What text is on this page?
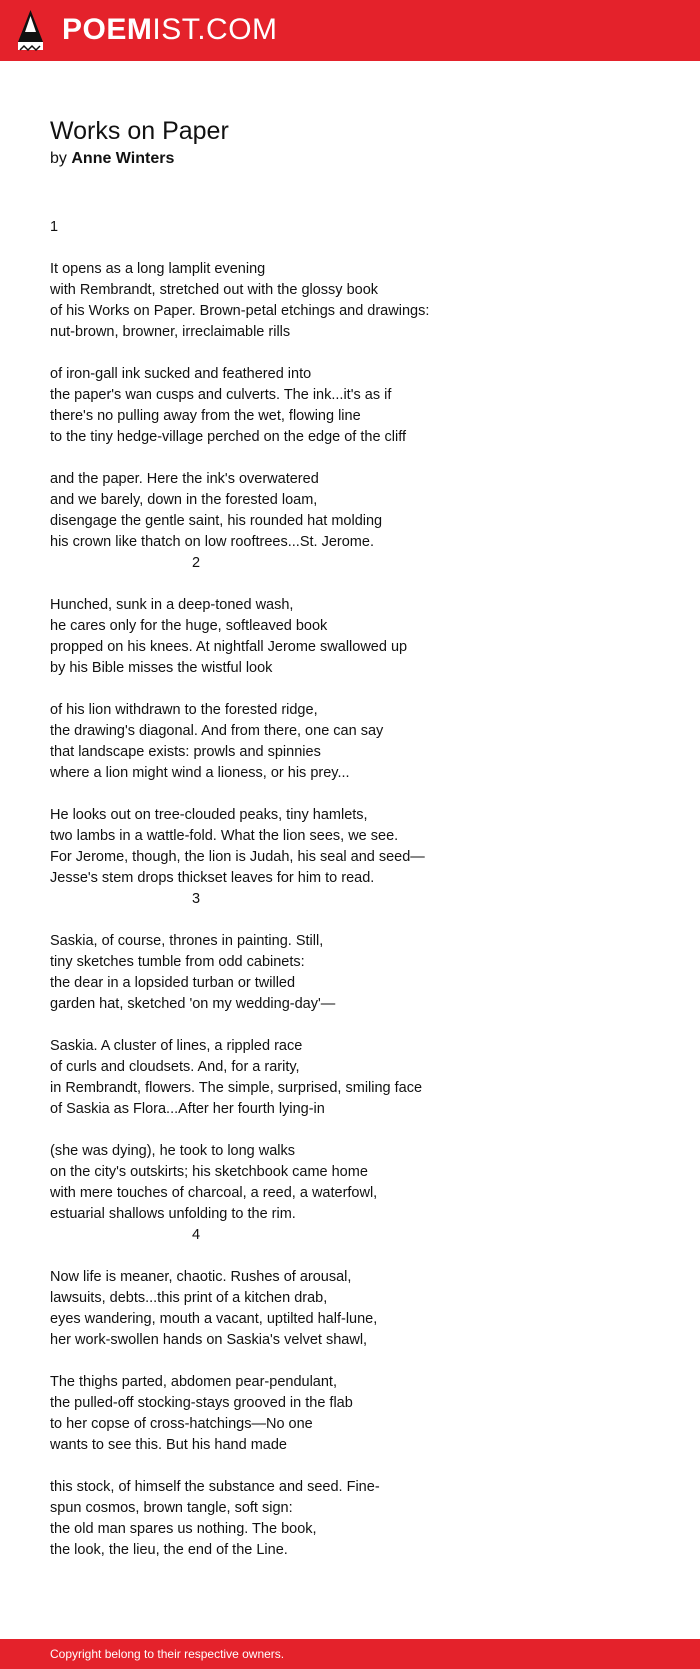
POEMIST.COM
Works on Paper
by Anne Winters
1
It opens as a long lamplit evening
with Rembrandt, stretched out with the glossy book
of his Works on Paper. Brown-petal etchings and drawings:
nut-brown, browner, irreclaimable rills
of iron-gall ink sucked and feathered into
the paper's wan cusps and culverts. The ink...it's as if
there's no pulling away from the wet, flowing line
to the tiny hedge-village perched on the edge of the cliff
and the paper. Here the ink's overwatered
and we barely, down in the forested loam,
disengage the gentle saint, his rounded hat molding
his crown like thatch on low rooftrees...St. Jerome.
2
Hunched, sunk in a deep-toned wash,
he cares only for the huge, softleaved book
propped on his knees. At nightfall Jerome swallowed up
by his Bible misses the wistful look
of his lion withdrawn to the forested ridge,
the drawing's diagonal. And from there, one can say
that landscape exists: prowls and spinnies
where a lion might wind a lioness, or his prey...
He looks out on tree-clouded peaks, tiny hamlets,
two lambs in a wattle-fold. What the lion sees, we see.
For Jerome, though, the lion is Judah, his seal and seed—
Jesse's stem drops thickset leaves for him to read.
3
Saskia, of course, thrones in painting. Still,
tiny sketches tumble from odd cabinets:
the dear in a lopsided turban or twilled
garden hat, sketched 'on my wedding-day'—
Saskia. A cluster of lines, a rippled race
of curls and cloudsets. And, for a rarity,
in Rembrandt, flowers. The simple, surprised, smiling face
of Saskia as Flora...After her fourth lying-in
(she was dying), he took to long walks
on the city's outskirts; his sketchbook came home
with mere touches of charcoal, a reed, a waterfowl,
estuarial shallows unfolding to the rim.
4
Now life is meaner, chaotic. Rushes of arousal,
lawsuits, debts...this print of a kitchen drab,
eyes wandering, mouth a vacant, uptilted half-lune,
her work-swollen hands on Saskia's velvet shawl,
The thighs parted, abdomen pear-pendulant,
the pulled-off stocking-stays grooved in the flab
to her copse of cross-hatchings—No one
wants to see this. But his hand made
this stock, of himself the substance and seed. Fine-
spun cosmos, brown tangle, soft sign:
the old man spares us nothing. The book,
the look, the lieu, the end of the Line.
Copyright belong to their respective owners.
